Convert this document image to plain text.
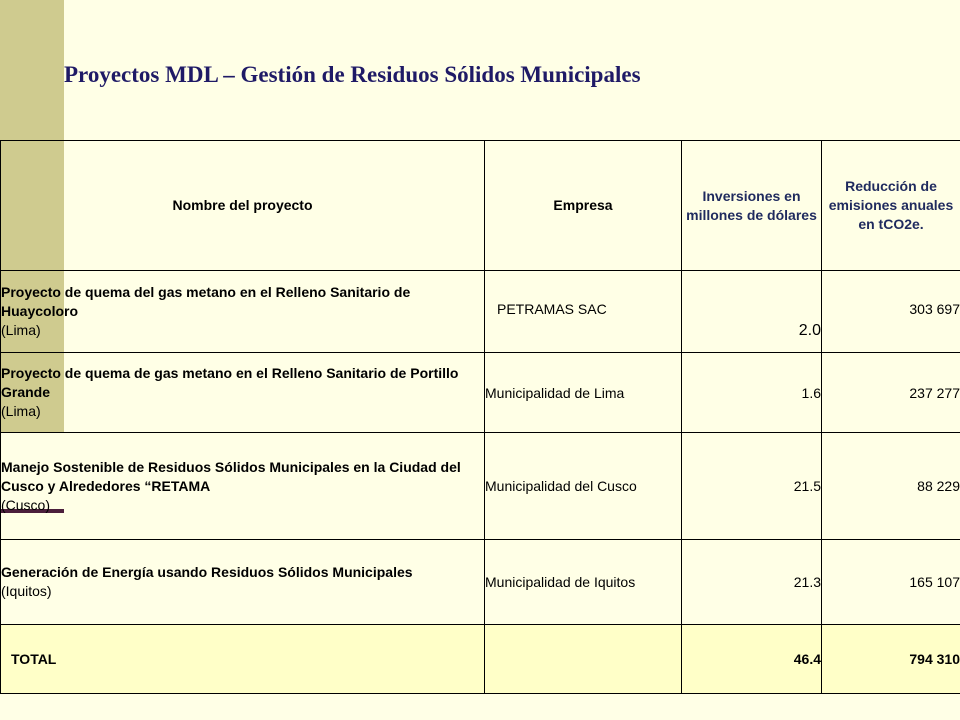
Proyectos MDL – Gestión de Residuos Sólidos Municipales
Nombre del proyecto	Empresa	Inversiones en millones de dólares	Reducción de emisiones anuales en tCO2e.

Proyecto de quema del gas metano en el Relleno Sanitario de Huaycoloro
(Lima)	PETRAMAS SAC	2.0	303 697

Proyecto de quema de gas metano en el Relleno Sanitario de Portillo Grande
(Lima)	Municipalidad de Lima	1.6	237 277

Manejo Sostenible de Residuos Sólidos Municipales en la Ciudad del Cusco y Alrededores “RETAMA
(Cusco)	Municipalidad del Cusco	21.5	88 229

Generación de Energía usando Residuos Sólidos Municipales
(Iquitos)	Municipalidad de Iquitos	21.3	165 107
TOTAL		46.4	794 310
